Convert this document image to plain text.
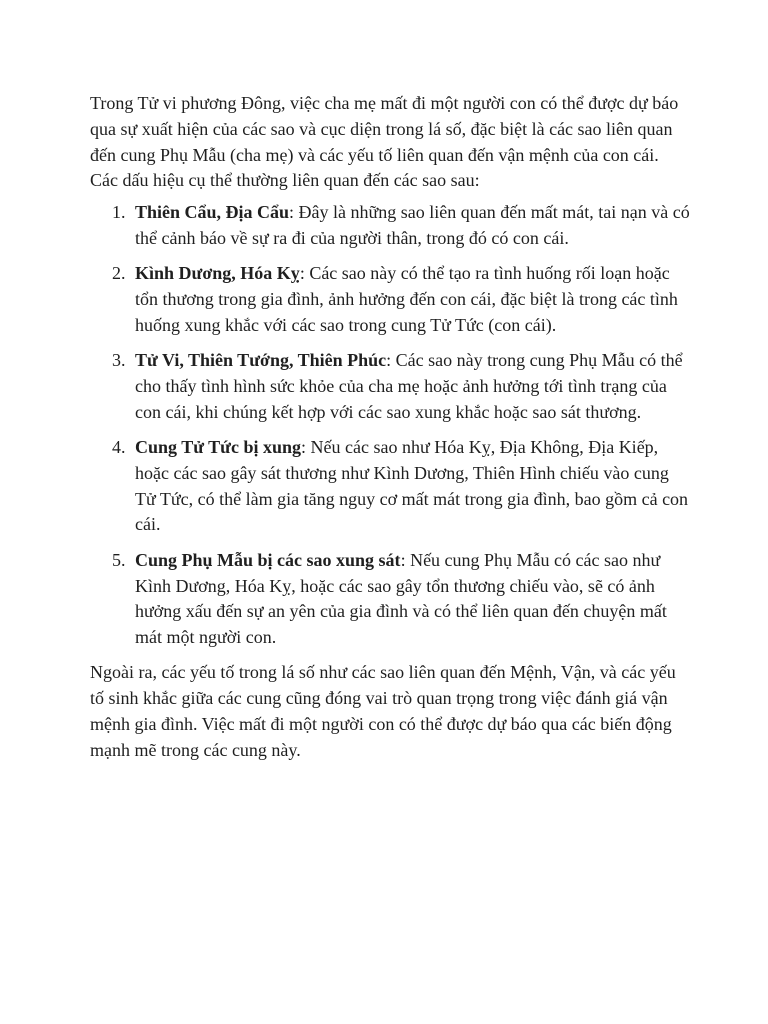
Trong Tử vi phương Đông, việc cha mẹ mất đi một người con có thể được dự báo qua sự xuất hiện của các sao và cục diện trong lá số, đặc biệt là các sao liên quan đến cung Phụ Mẫu (cha mẹ) và các yếu tố liên quan đến vận mệnh của con cái. Các dấu hiệu cụ thể thường liên quan đến các sao sau:

1. Thiên Cẩu, Địa Cẩu: Đây là những sao liên quan đến mất mát, tai nạn và có thể cảnh báo về sự ra đi của người thân, trong đó có con cái.
2. Kình Dương, Hóa Kỵ: Các sao này có thể tạo ra tình huống rối loạn hoặc tổn thương trong gia đình, ảnh hưởng đến con cái, đặc biệt là trong các tình huống xung khắc với các sao trong cung Tử Tức (con cái).
3. Tử Vi, Thiên Tướng, Thiên Phúc: Các sao này trong cung Phụ Mẫu có thể cho thấy tình hình sức khỏe của cha mẹ hoặc ảnh hưởng tới tình trạng của con cái, khi chúng kết hợp với các sao xung khắc hoặc sao sát thương.
4. Cung Tử Tức bị xung: Nếu các sao như Hóa Kỵ, Địa Không, Địa Kiếp, hoặc các sao gây sát thương như Kình Dương, Thiên Hình chiếu vào cung Tử Tức, có thể làm gia tăng nguy cơ mất mát trong gia đình, bao gồm cả con cái.
5. Cung Phụ Mẫu bị các sao xung sát: Nếu cung Phụ Mẫu có các sao như Kình Dương, Hóa Kỵ, hoặc các sao gây tổn thương chiếu vào, sẽ có ảnh hưởng xấu đến sự an yên của gia đình và có thể liên quan đến chuyện mất mát một người con.

Ngoài ra, các yếu tố trong lá số như các sao liên quan đến Mệnh, Vận, và các yếu tố sinh khắc giữa các cung cũng đóng vai trò quan trọng trong việc đánh giá vận mệnh gia đình. Việc mất đi một người con có thể được dự báo qua các biến động mạnh mẽ trong các cung này.
